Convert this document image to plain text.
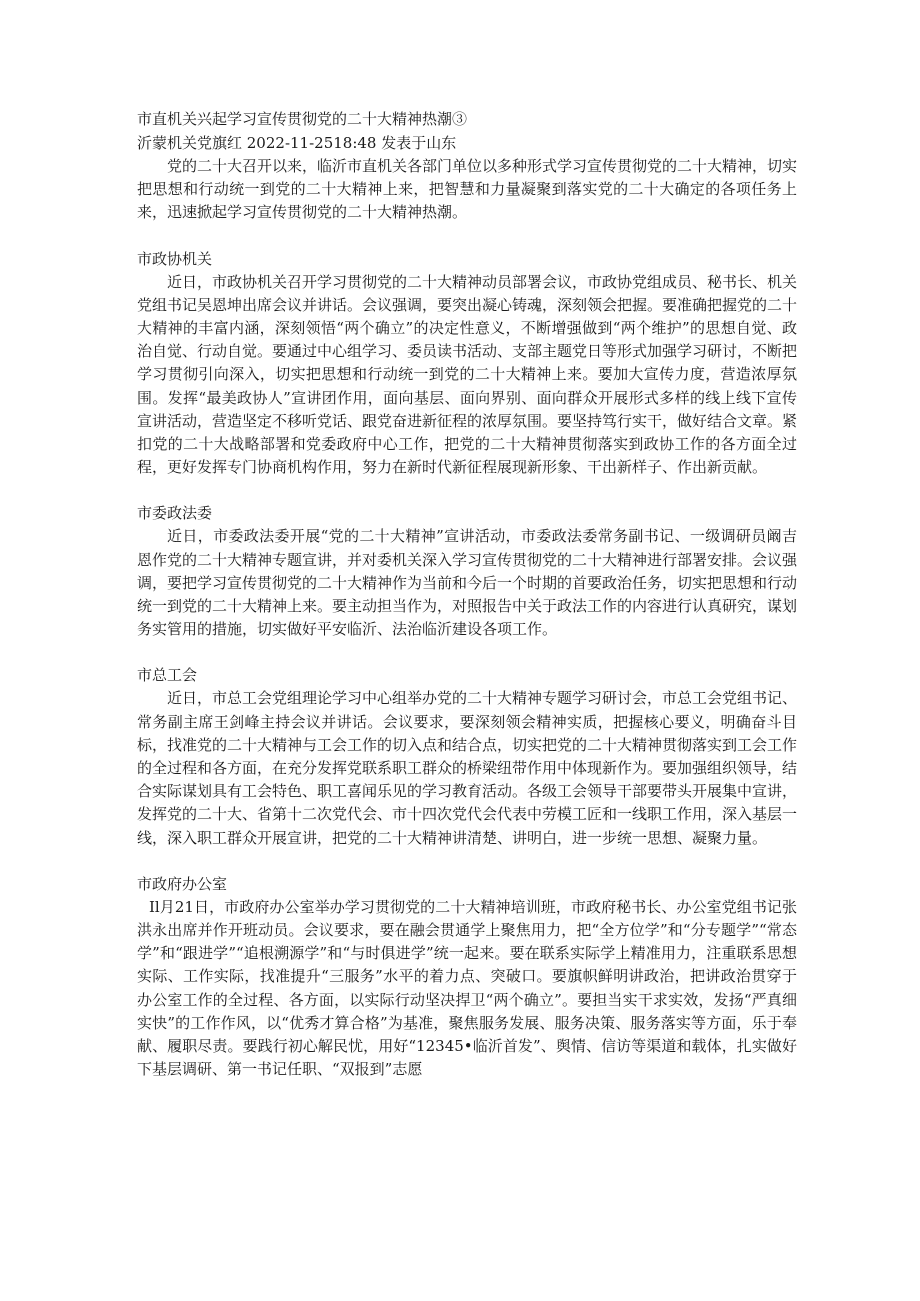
市直机关兴起学习宣传贯彻党的二十大精神热潮③

沂蒙机关党旗红 2022-11-2518:48 发表于山东

党的二十大召开以来，临沂市直机关各部门单位以多种形式学习宣传贯彻党的二十大精神，切实把思想和行动统一到党的二十大精神上来，把智慧和力量凝聚到落实党的二十大确定的各项任务上来，迅速掀起学习宣传贯彻党的二十大精神热潮。

市政协机关

近日，市政协机关召开学习贯彻党的二十大精神动员部署会议，市政协党组成员、秘书长、机关党组书记吴恩坤出席会议并讲话。会议强调，要突出凝心铸魂，深刻领会把握。要准确把握党的二十大精神的丰富内涵，深刻领悟“两个确立”的决定性意义，不断增强做到“两个维护”的思想自觉、政治自觉、行动自觉。要通过中心组学习、委员读书活动、支部主题党日等形式加强学习研讨，不断把学习贯彻引向深入，切实把思想和行动统一到党的二十大精神上来。要加大宣传力度，营造浓厚氛围。发挥“最美政协人”宣讲团作用，面向基层、面向界别、面向群众开展形式多样的线上线下宣传宣讲活动，营造坚定不移听党话、跟党奋进新征程的浓厚氛围。要坚持笃行实干，做好结合文章。紧扣党的二十大战略部署和党委政府中心工作，把党的二十大精神贯彻落实到政协工作的各方面全过程，更好发挥专门协商机构作用，努力在新时代新征程展现新形象、干出新样子、作出新贡献。

市委政法委

近日，市委政法委开展“党的二十大精神”宣讲活动，市委政法委常务副书记、一级调研员阚吉恩作党的二十大精神专题宣讲，并对委机关深入学习宣传贯彻党的二十大精神进行部署安排。会议强调，要把学习宣传贯彻党的二十大精神作为当前和今后一个时期的首要政治任务，切实把思想和行动统一到党的二十大精神上来。要主动担当作为，对照报告中关于政法工作的内容进行认真研究，谋划务实管用的措施，切实做好平安临沂、法治临沂建设各项工作。

市总工会

近日，市总工会党组理论学习中心组举办党的二十大精神专题学习研讨会，市总工会党组书记、常务副主席王剑峰主持会议并讲话。会议要求，要深刻领会精神实质，把握核心要义，明确奋斗目标，找准党的二十大精神与工会工作的切入点和结合点，切实把党的二十大精神贯彻落实到工会工作的全过程和各方面，在充分发挥党联系职工群众的桥梁纽带作用中体现新作为。要加强组织领导，结合实际谋划具有工会特色、职工喜闻乐见的学习教育活动。各级工会领导干部要带头开展集中宣讲，发挥党的二十大、省第十二次党代会、市十四次党代会代表中劳模工匠和一线职工作用，深入基层一线，深入职工群众开展宣讲，把党的二十大精神讲清楚、讲明白，进一步统一思想、凝聚力量。

市政府办公室

Il月21日，市政府办公室举办学习贯彻党的二十大精神培训班，市政府秘书长、办公室党组书记张洪永出席并作开班动员。会议要求，要在融会贯通学上聚焦用力，把“全方位学”和“分专题学”“常态学”和“跟进学”“追根溯源学”和“与时俱进学”统一起来。要在联系实际学上精准用力，注重联系思想实际、工作实际，找准提升“三服务”水平的着力点、突破口。要旗帜鲜明讲政治，把讲政治贯穿于办公室工作的全过程、各方面，以实际行动坚决捍卫“两个确立”。要担当实干求实效，发扬“严真细实快”的工作作风，以“优秀才算合格”为基准，聚焦服务发展、服务决策、服务落实等方面，乐于奉献、履职尽责。要践行初心解民忧，用好“12345•临沂首发”、舆情、信访等渠道和载体，扎实做好下基层调研、第一书记任职、“双报到”志愿
